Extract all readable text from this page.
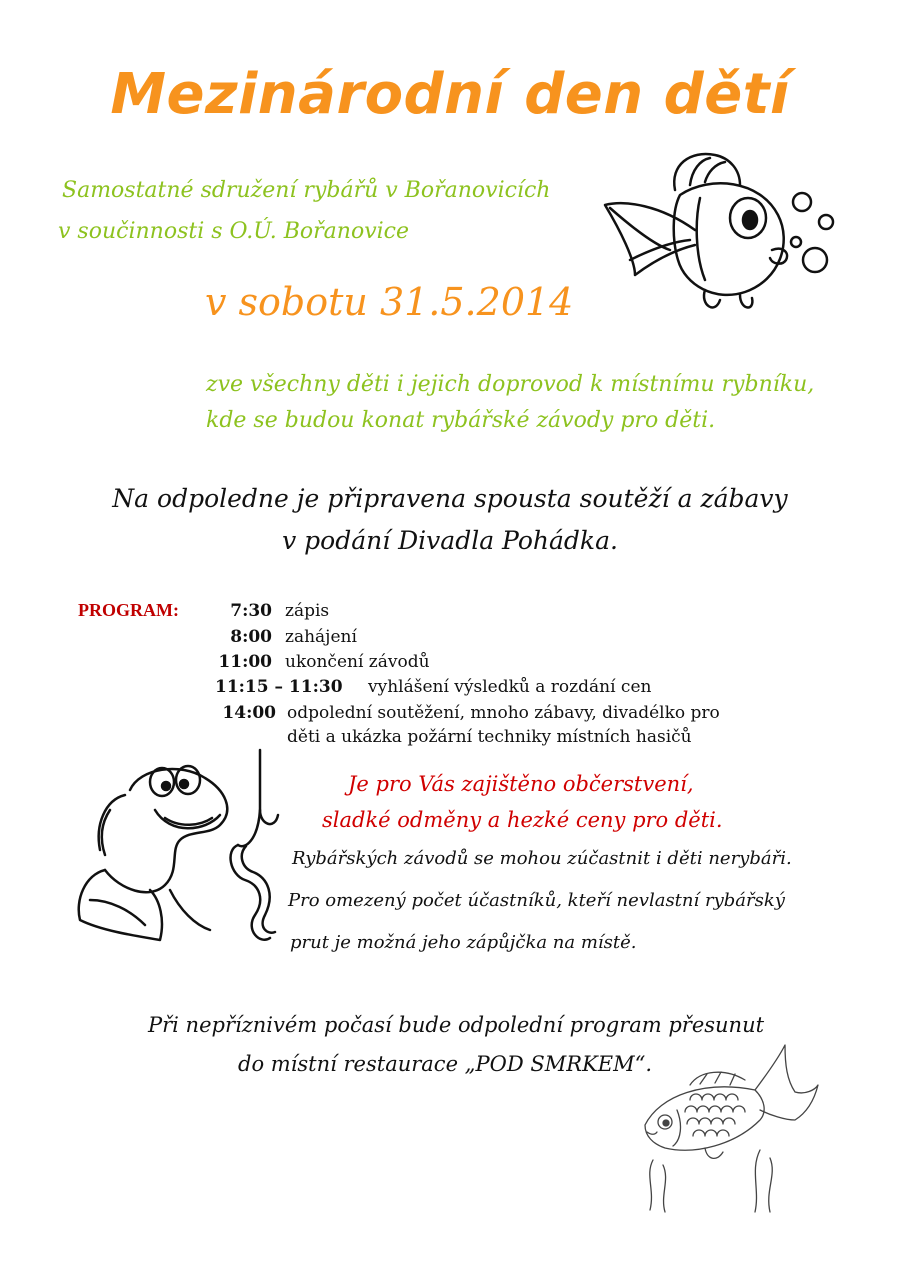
Mezinárodní den dětí
Samostatné sdružení rybářů v Bořanovicích
v součinnosti s O.Ú. Bořanovice
v sobotu 31.5.2014
zve všechny děti i jejich doprovod k místnímu rybníku,
kde se budou konat rybářské závody pro děti.
Na odpoledne je připravena spousta soutěží a zábavy
v podání Divadla Pohádka.
PROGRAM:	7:30 zápis
8:00 zahájení
11:00 ukončení závodů
11:15 – 11:30 vyhlášení výsledků a rozdání cen
14:00 odpolední soutěžení, mnoho zábavy, divadélko pro
děti a ukázka požární techniky místních hasičů
Je pro Vás zajištěno občerstvení,
sladké odměny a hezké ceny pro děti.
Rybářských závodů se mohou zúčastnit i děti nerybáři.
Pro omezený počet účastníků, kteří nevlastní rybářský
prut je možná jeho zápůjčka na místě.
Při nepříznivém počasí bude odpolední program přesunut
do místní restaurace „POD SMRKEM“.
